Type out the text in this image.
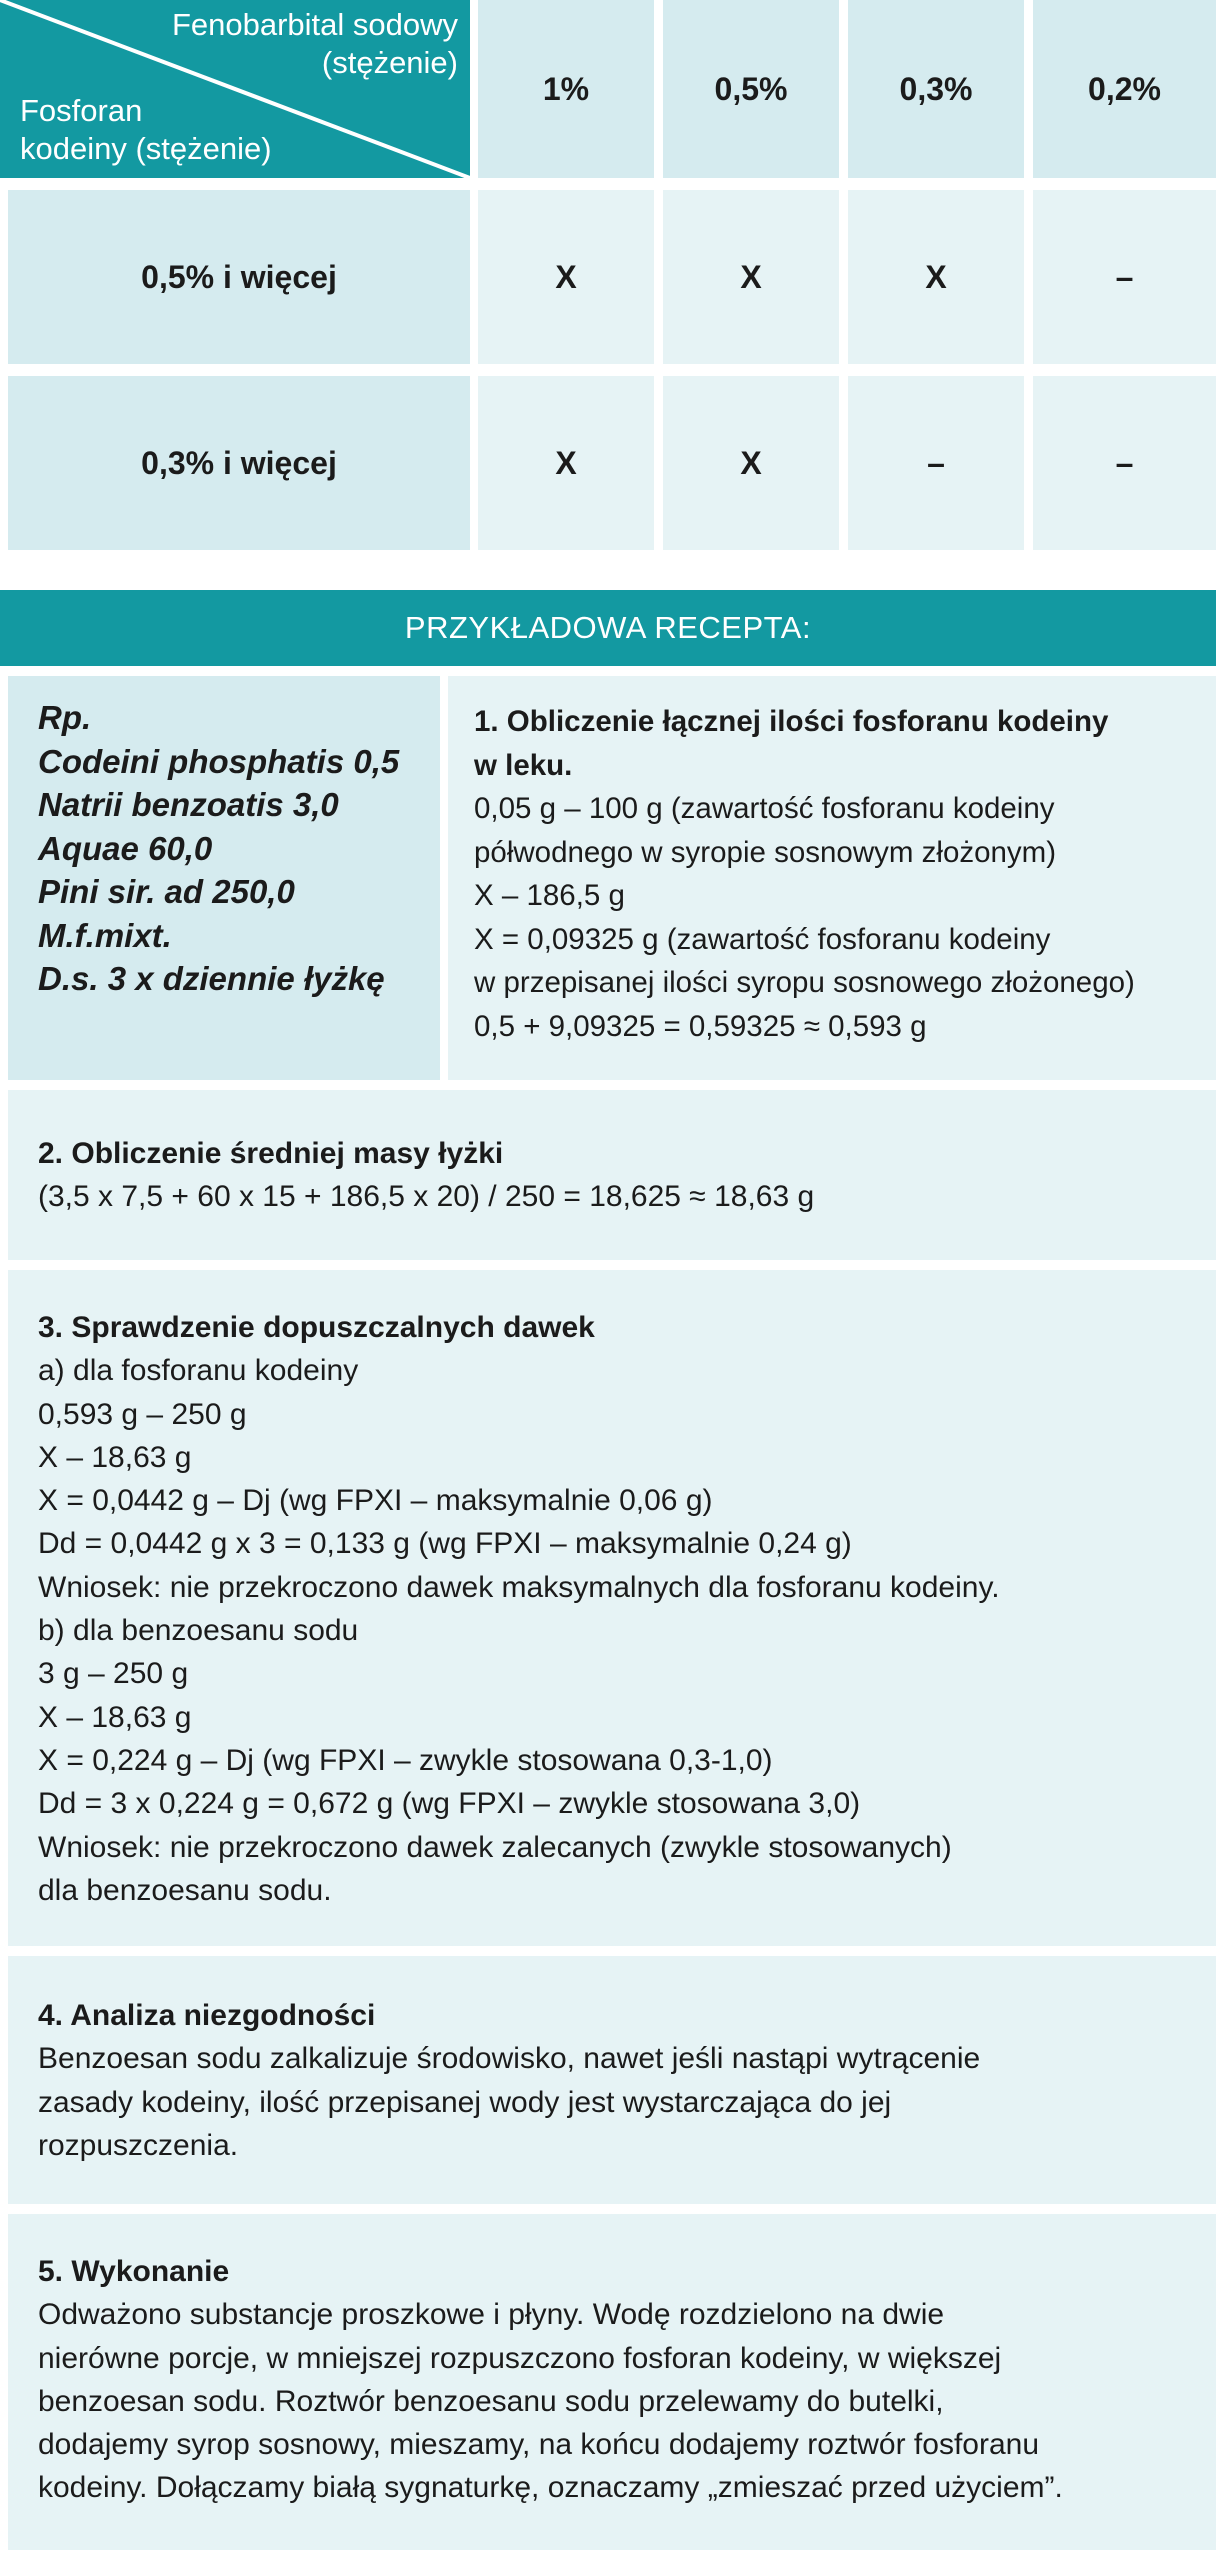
Fenobarbital sodowy
(stężenie)
Fosforan
kodeiny (stężenie)
1%	0,5%	0,3%	0,2%
0,5% i więcej	X	X	X	–
0,3% i więcej	X	X	–	–
PRZYKŁADOWA RECEPTA:
Rp.
Codeini phosphatis 0,5
Natrii benzoatis 3,0
Aquae 60,0
Pini sir. ad 250,0
M.f.mixt.
D.s. 3 x dziennie łyżkę
1. Obliczenie łącznej ilości fosforanu kodeiny
w leku.
0,05 g – 100 g (zawartość fosforanu kodeiny
półwodnego w syropie sosnowym złożonym)
X – 186,5 g
X = 0,09325 g (zawartość fosforanu kodeiny
w przepisanej ilości syropu sosnowego złożonego)
0,5 + 9,09325 = 0,59325 ≈ 0,593 g
2. Obliczenie średniej masy łyżki
(3,5 x 7,5 + 60 x 15 + 186,5 x 20) / 250 = 18,625 ≈ 18,63 g
3. Sprawdzenie dopuszczalnych dawek
a) dla fosforanu kodeiny
0,593 g – 250 g
X – 18,63 g
X = 0,0442 g – Dj (wg FPXI – maksymalnie 0,06 g)
Dd = 0,0442 g x 3 = 0,133 g (wg FPXI – maksymalnie 0,24 g)
Wniosek: nie przekroczono dawek maksymalnych dla fosforanu kodeiny.
b) dla benzoesanu sodu
3 g – 250 g
X – 18,63 g
X = 0,224 g – Dj (wg FPXI – zwykle stosowana 0,3-1,0)
Dd = 3 x 0,224 g = 0,672 g (wg FPXI – zwykle stosowana 3,0)
Wniosek: nie przekroczono dawek zalecanych (zwykle stosowanych)
dla benzoesanu sodu.
4. Analiza niezgodności
Benzoesan sodu zalkalizuje środowisko, nawet jeśli nastąpi wytrącenie
zasady kodeiny, ilość przepisanej wody jest wystarczająca do jej
rozpuszczenia.
5. Wykonanie
Odważono substancje proszkowe i płyny. Wodę rozdzielono na dwie
nierówne porcje, w mniejszej rozpuszczono fosforan kodeiny, w większej
benzoesan sodu. Roztwór benzoesanu sodu przelewamy do butelki,
dodajemy syrop sosnowy, mieszamy, na końcu dodajemy roztwór fosforanu
kodeiny. Dołączamy białą sygnaturkę, oznaczamy „zmieszać przed użyciem”.
